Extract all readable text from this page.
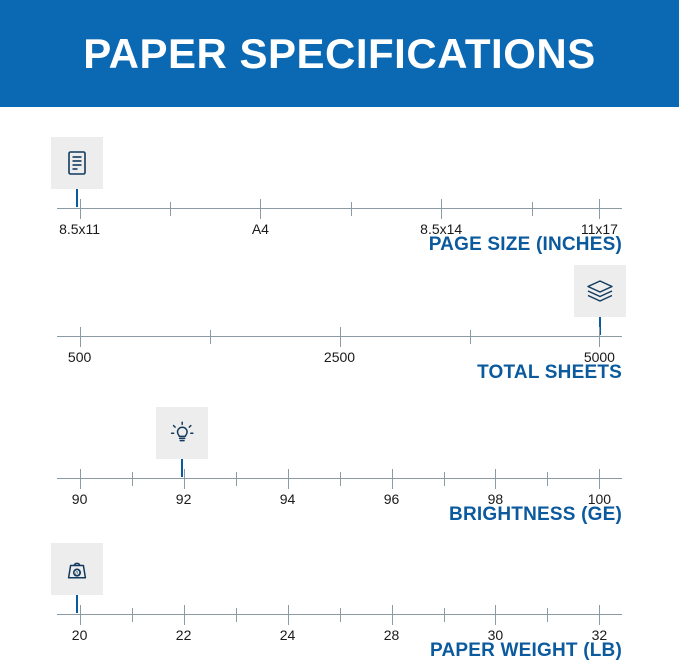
PAPER SPECIFICATIONS
8.5x11	A4	8.5x14	11x17
PAGE SIZE (INCHES)
500	2500	5000
TOTAL SHEETS
90	92	94	96	98	100
BRIGHTNESS (GE)
20
20	22	24	28	30	32
PAPER WEIGHT (LB)
